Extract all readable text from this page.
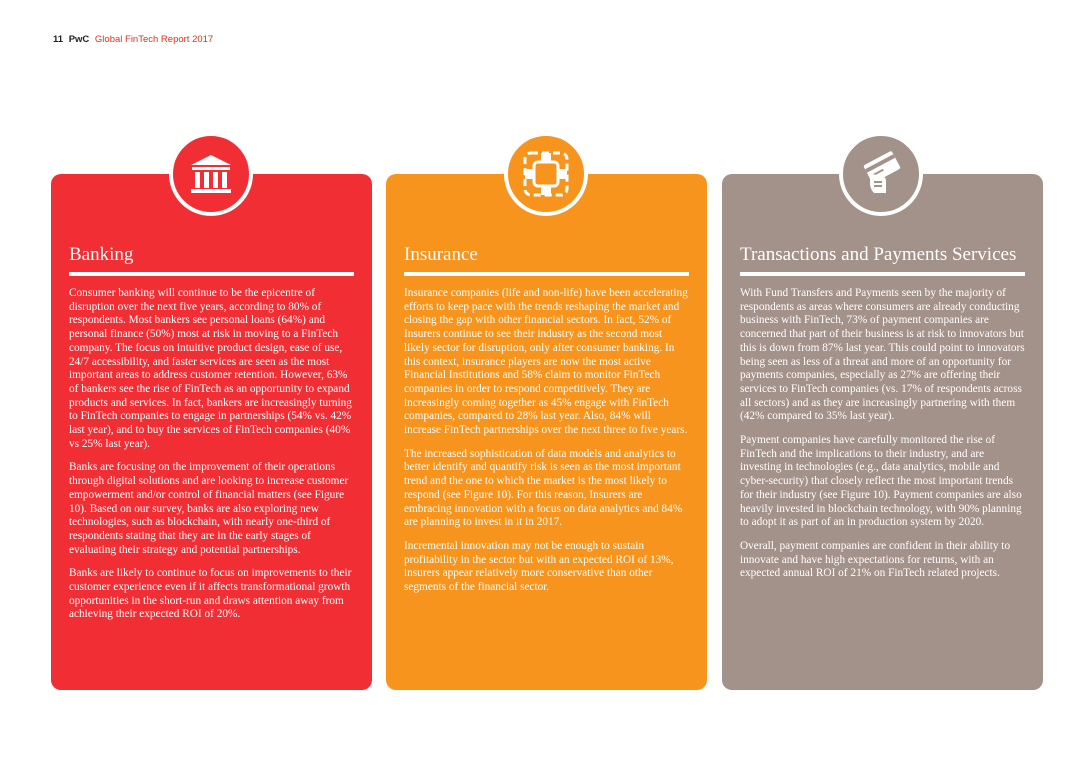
11 PwC Global FinTech Report 2017
Banking

Consumer banking will continue to be the epicentre of disruption over the next five years, according to 80% of respondents. Most bankers see personal loans (64%) and personal finance (50%) most at risk in moving to a FinTech company. The focus on intuitive product design, ease of use, 24/7 accessibility, and faster services are seen as the most important areas to address customer retention. However, 63% of bankers see the rise of FinTech as an opportunity to expand products and services. In fact, bankers are increasingly turning to FinTech companies to engage in partnerships (54% vs. 42% last year), and to buy the services of FinTech companies (40% vs 25% last year).

Banks are focusing on the improvement of their operations through digital solutions and are looking to increase customer empowerment and/or control of financial matters (see Figure 10). Based on our survey, banks are also exploring new technologies, such as blockchain, with nearly one-third of respondents stating that they are in the early stages of evaluating their strategy and potential partnerships.

Banks are likely to continue to focus on improvements to their customer experience even if it affects transformational growth opportunities in the short-run and draws attention away from achieving their expected ROI of 20%.

Insurance

Insurance companies (life and non-life) have been accelerating efforts to keep pace with the trends reshaping the market and closing the gap with other financial sectors. In fact, 52% of Insurers continue to see their industry as the second most likely sector for disruption, only after consumer banking. In this context, insurance players are now the most active Financial Institutions and 58% claim to monitor FinTech companies in order to respond competitively. They are increasingly coming together as 45% engage with FinTech companies, compared to 28% last year. Also, 84% will increase FinTech partnerships over the next three to five years.

The increased sophistication of data models and analytics to better identify and quantify risk is seen as the most important trend and the one to which the market is the most likely to respond (see Figure 10). For this reason, Insurers are embracing innovation with a focus on data analytics and 84% are planning to invest in it in 2017.

Incremental innovation may not be enough to sustain profitability in the sector but with an expected ROI of 13%, insurers appear relatively more conservative than other segments of the financial sector.

Transactions and Payments Services

With Fund Transfers and Payments seen by the majority of respondents as areas where consumers are already conducting business with FinTech, 73% of payment companies are concerned that part of their business is at risk to innovators but this is down from 87% last year. This could point to innovators being seen as less of a threat and more of an opportunity for payments companies, especially as 27% are offering their services to FinTech companies (vs. 17% of respondents across all sectors) and as they are increasingly partnering with them (42% compared to 35% last year).

Payment companies have carefully monitored the rise of FinTech and the implications to their industry, and are investing in technologies (e.g., data analytics, mobile and cyber-security) that closely reflect the most important trends for their industry (see Figure 10). Payment companies are also heavily invested in blockchain technology, with 90% planning to adopt it as part of an in production system by 2020.

Overall, payment companies are confident in their ability to innovate and have high expectations for returns, with an expected annual ROI of 21% on FinTech related projects.
